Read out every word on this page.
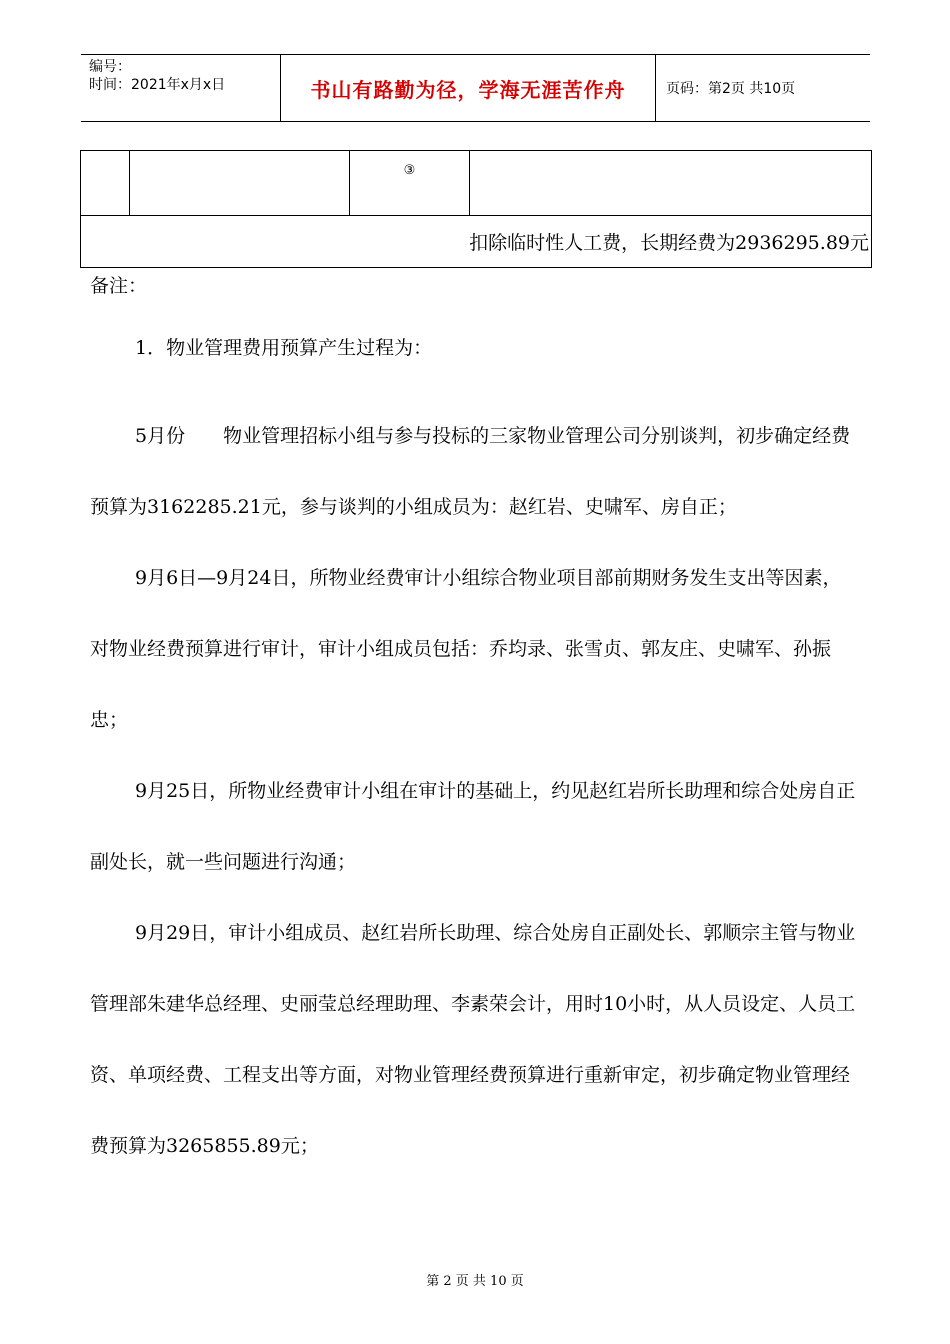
编号：
时间：2021年x月x日	书山有路勤为径，学海无涯苦作舟	页码：第2页 共10页
		③	
扣除临时性人工费，长期经费为2936295.89元

备注：

1．物业管理费用预算产生过程为：

5月份　　物业管理招标小组与参与投标的三家物业管理公司分别谈判，初步确定经费预算为3162285.21元，参与谈判的小组成员为：赵红岩、史啸军、房自正；

9月6日—9月24日，所物业经费审计小组综合物业项目部前期财务发生支出等因素，对物业经费预算进行审计，审计小组成员包括：乔均录、张雪贞、郭友庄、史啸军、孙振忠；

9月25日，所物业经费审计小组在审计的基础上，约见赵红岩所长助理和综合处房自正副处长，就一些问题进行沟通；

9月29日，审计小组成员、赵红岩所长助理、综合处房自正副处长、郭顺宗主管与物业管理部朱建华总经理、史丽莹总经理助理、李素荣会计，用时10小时，从人员设定、人员工资、单项经费、工程支出等方面，对物业管理经费预算进行重新审定，初步确定物业管理经费预算为3265855.89元；

第 2 页 共 10 页
